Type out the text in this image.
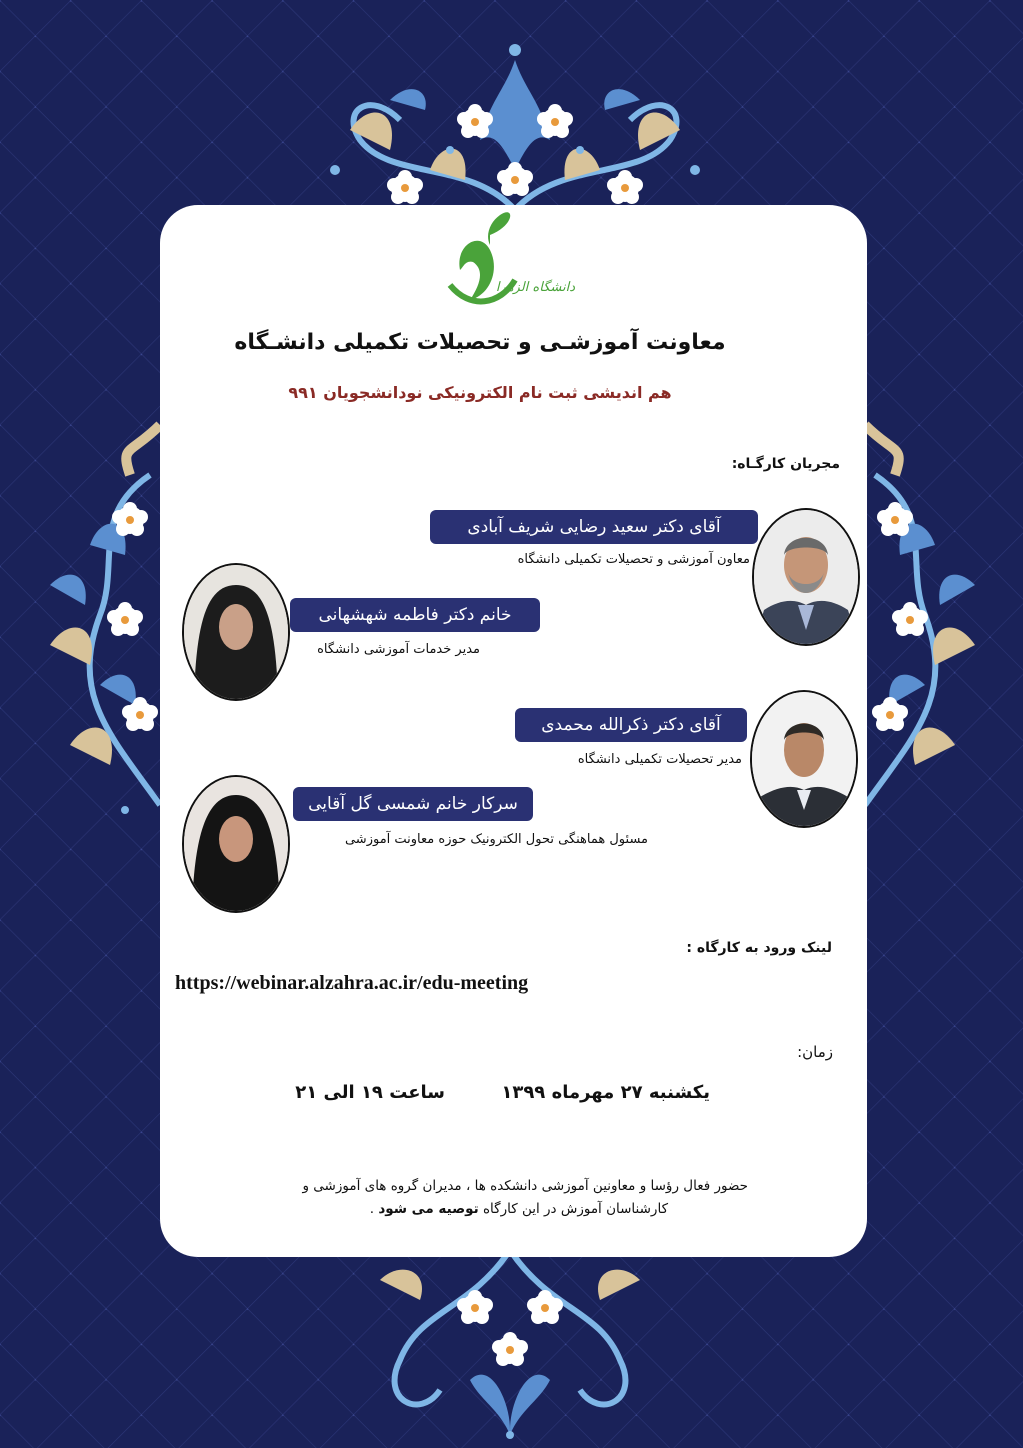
دانشگاه الزهرا
معاونت آموزشـی و تحصیلات تکمیلی دانشـگاه
هم اندیشی ثبت نام الکترونیکی نودانشجویان ۹۹۱
مجریان کارگـاه:
آقای دکتر سعید رضایی شریف آبادی
معاون آموزشی و تحصیلات تکمیلی دانشگاه
خانم دکتر فاطمه شهشهانی
مدیر خدمات آموزشی دانشگاه
آقای دکتر ذکرالله محمدی
مدیر تحصیلات تکمیلی دانشگاه
سرکار خانم شمسی گل آقایی
مسئول هماهنگی تحول الکترونیک حوزه معاونت آموزشی
لینک ورود به کارگاه :
https://webinar.alzahra.ac.ir/edu-meeting
زمان:
یکشنبه ۲۷ مهرماه ۱۳۹۹
ساعت ۱۹ الی ۲۱
حضور فعال رؤسا و معاونین آموزشی دانشکده ها ، مدیران گروه های آموزشی و
کارشناسان آموزش در این کارگاه توصیه می شود .
